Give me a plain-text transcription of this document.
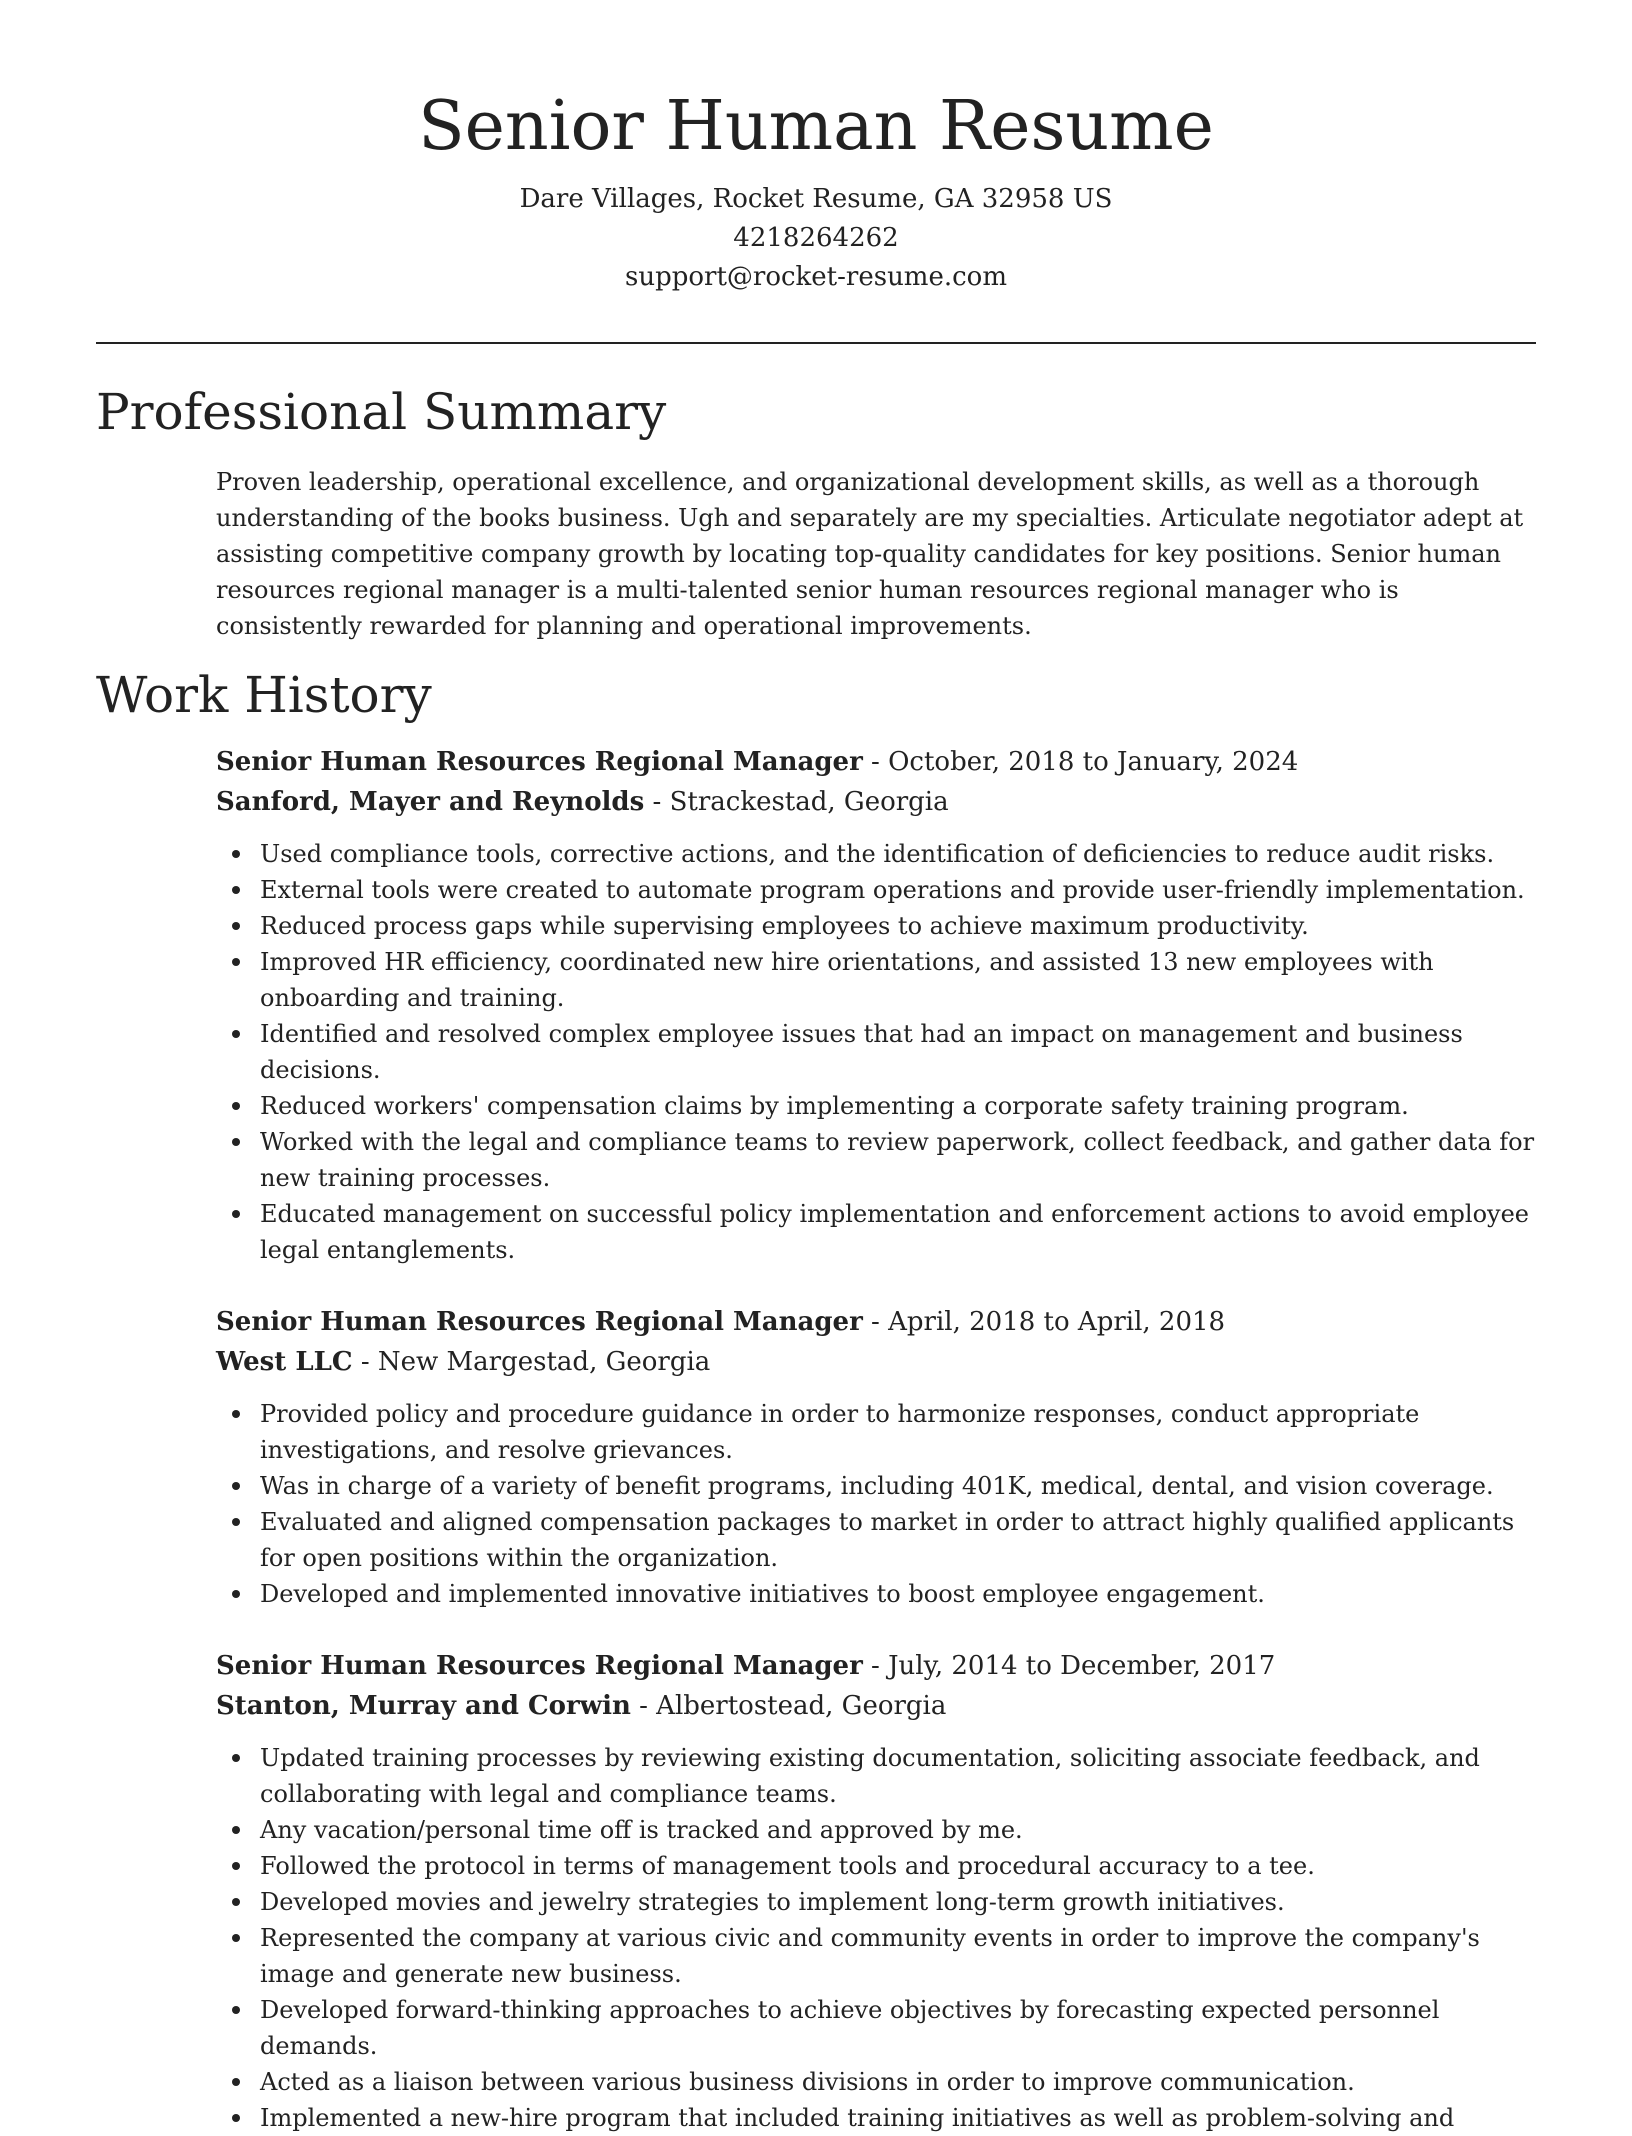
Senior Human Resume
Dare Villages, Rocket Resume, GA 32958 US
4218264262
support@rocket-resume.com
Professional Summary
Proven leadership, operational excellence, and organizational development skills, as well as a thorough understanding of the books business. Ugh and separately are my specialties. Articulate negotiator adept at assisting competitive company growth by locating top-quality candidates for key positions. Senior human resources regional manager is a multi-talented senior human resources regional manager who is consistently rewarded for planning and operational improvements.
Work History
Senior Human Resources Regional Manager - October, 2018 to January, 2024
Sanford, Mayer and Reynolds - Strackestad, Georgia
Used compliance tools, corrective actions, and the identification of deficiencies to reduce audit risks.
External tools were created to automate program operations and provide user-friendly implementation.
Reduced process gaps while supervising employees to achieve maximum productivity.
Improved HR efficiency, coordinated new hire orientations, and assisted 13 new employees with onboarding and training.
Identified and resolved complex employee issues that had an impact on management and business decisions.
Reduced workers' compensation claims by implementing a corporate safety training program.
Worked with the legal and compliance teams to review paperwork, collect feedback, and gather data for new training processes.
Educated management on successful policy implementation and enforcement actions to avoid employee legal entanglements.
Senior Human Resources Regional Manager - April, 2018 to April, 2018
West LLC - New Margestad, Georgia
Provided policy and procedure guidance in order to harmonize responses, conduct appropriate investigations, and resolve grievances.
Was in charge of a variety of benefit programs, including 401K, medical, dental, and vision coverage.
Evaluated and aligned compensation packages to market in order to attract highly qualified applicants for open positions within the organization.
Developed and implemented innovative initiatives to boost employee engagement.
Senior Human Resources Regional Manager - July, 2014 to December, 2017
Stanton, Murray and Corwin - Albertostead, Georgia
Updated training processes by reviewing existing documentation, soliciting associate feedback, and collaborating with legal and compliance teams.
Any vacation/personal time off is tracked and approved by me.
Followed the protocol in terms of management tools and procedural accuracy to a tee.
Developed movies and jewelry strategies to implement long-term growth initiatives.
Represented the company at various civic and community events in order to improve the company's image and generate new business.
Developed forward-thinking approaches to achieve objectives by forecasting expected personnel demands.
Acted as a liaison between various business divisions in order to improve communication.
Implemented a new-hire program that included training initiatives as well as problem-solving and
